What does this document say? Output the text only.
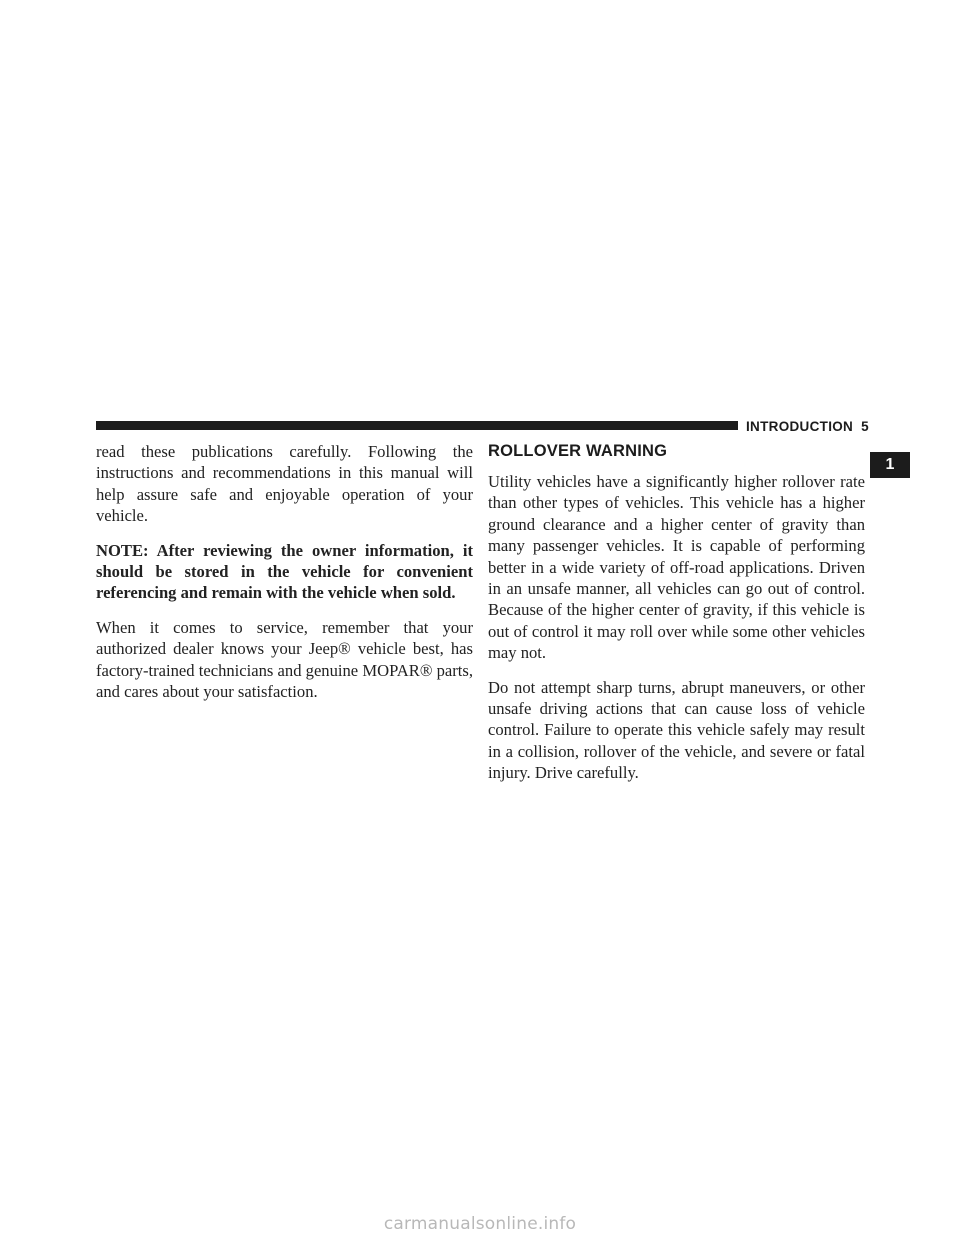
INTRODUCTION 5
1

read these publications carefully. Following the instructions and recommendations in this manual will help assure safe and enjoyable operation of your vehicle.

NOTE: After reviewing the owner information, it should be stored in the vehicle for convenient referencing and remain with the vehicle when sold.

When it comes to service, remember that your authorized dealer knows your Jeep® vehicle best, has factory-trained technicians and genuine MOPAR® parts, and cares about your satisfaction.

ROLLOVER WARNING

Utility vehicles have a significantly higher rollover rate than other types of vehicles. This vehicle has a higher ground clearance and a higher center of gravity than many passenger vehicles. It is capable of performing better in a wide variety of off-road applications. Driven in an unsafe manner, all vehicles can go out of control. Because of the higher center of gravity, if this vehicle is out of control it may roll over while some other vehicles may not.

Do not attempt sharp turns, abrupt maneuvers, or other unsafe driving actions that can cause loss of vehicle control. Failure to operate this vehicle safely may result in a collision, rollover of the vehicle, and severe or fatal injury. Drive carefully.

carmanualsonline.info
